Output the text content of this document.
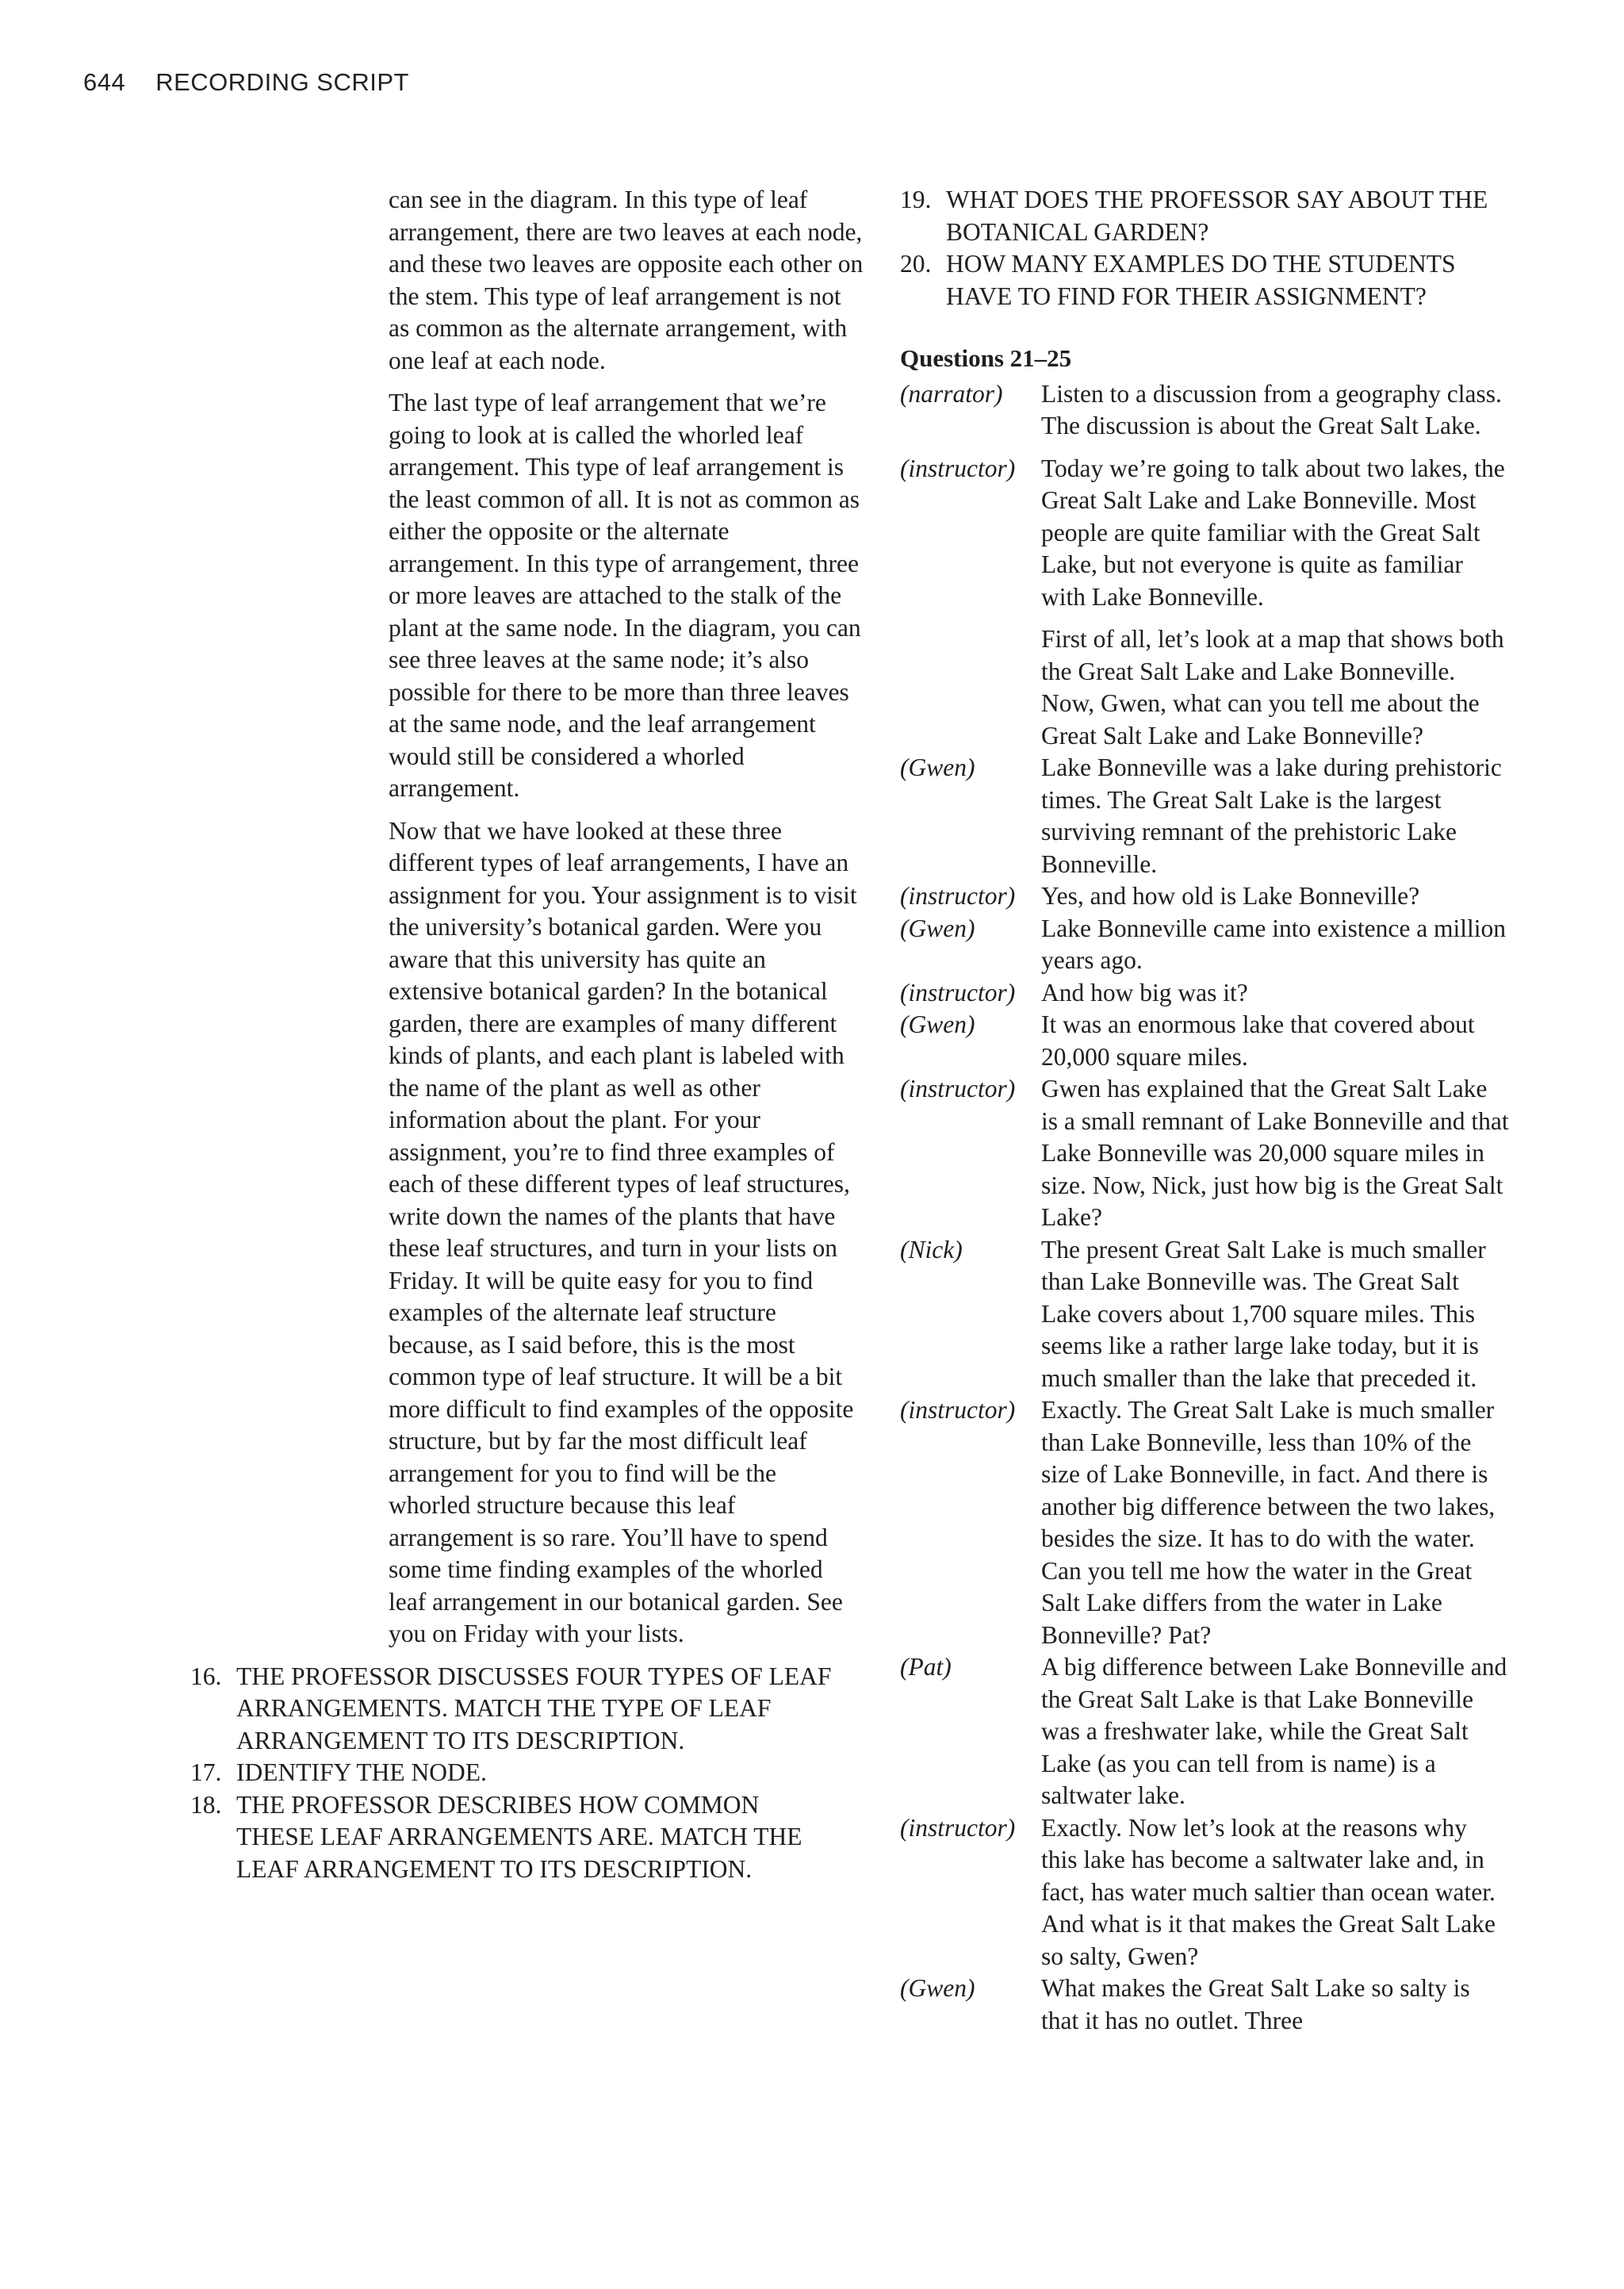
644 RECORDING SCRIPT
can see in the diagram. In this type of leaf arrangement, there are two leaves at each node, and these two leaves are opposite each other on the stem. This type of leaf arrangement is not as common as the alternate arrangement, with one leaf at each node.
The last type of leaf arrangement that we’re going to look at is called the whorled leaf arrangement. This type of leaf arrangement is the least common of all. It is not as common as either the opposite or the alternate arrangement. In this type of arrangement, three or more leaves are attached to the stalk of the plant at the same node. In the diagram, you can see three leaves at the same node; it’s also possible for there to be more than three leaves at the same node, and the leaf arrangement would still be considered a whorled arrangement.
Now that we have looked at these three different types of leaf arrangements, I have an assignment for you. Your assignment is to visit the university’s botanical garden. Were you aware that this university has quite an extensive botanical garden? In the botanical garden, there are examples of many different kinds of plants, and each plant is labeled with the name of the plant as well as other information about the plant. For your assignment, you’re to find three examples of each of these different types of leaf structures, write down the names of the plants that have these leaf structures, and turn in your lists on Friday. It will be quite easy for you to find examples of the alternate leaf structure because, as I said before, this is the most common type of leaf structure. It will be a bit more difficult to find examples of the opposite structure, but by far the most difficult leaf arrangement for you to find will be the whorled structure because this leaf arrangement is so rare. You’ll have to spend some time finding examples of the whorled leaf arrangement in our botanical garden. See you on Friday with your lists.
16. THE PROFESSOR DISCUSSES FOUR TYPES OF LEAF ARRANGEMENTS. MATCH THE TYPE OF LEAF ARRANGEMENT TO ITS DESCRIPTION.
17. IDENTIFY THE NODE.
18. THE PROFESSOR DESCRIBES HOW COMMON THESE LEAF ARRANGEMENTS ARE. MATCH THE LEAF ARRANGEMENT TO ITS DESCRIPTION.
19. WHAT DOES THE PROFESSOR SAY ABOUT THE BOTANICAL GARDEN?
20. HOW MANY EXAMPLES DO THE STUDENTS HAVE TO FIND FOR THEIR ASSIGNMENT?
Questions 21–25
(narrator)	Listen to a discussion from a geography class. The discussion is about the Great Salt Lake.
(instructor)	Today we’re going to talk about two lakes, the Great Salt Lake and Lake Bonneville. Most people are quite familiar with the Great Salt Lake, but not everyone is quite as familiar with Lake Bonneville.
First of all, let’s look at a map that shows both the Great Salt Lake and Lake Bonneville. Now, Gwen, what can you tell me about the Great Salt Lake and Lake Bonneville?
(Gwen)	Lake Bonneville was a lake during prehistoric times. The Great Salt Lake is the largest surviving remnant of the prehistoric Lake Bonneville.
(instructor)	Yes, and how old is Lake Bonneville?
(Gwen)	Lake Bonneville came into existence a million years ago.
(instructor)	And how big was it?
(Gwen)	It was an enormous lake that covered about 20,000 square miles.
(instructor)	Gwen has explained that the Great Salt Lake is a small remnant of Lake Bonneville and that Lake Bonneville was 20,000 square miles in size. Now, Nick, just how big is the Great Salt Lake?
(Nick)	The present Great Salt Lake is much smaller than Lake Bonneville was. The Great Salt Lake covers about 1,700 square miles. This seems like a rather large lake today, but it is much smaller than the lake that preceded it.
(instructor)	Exactly. The Great Salt Lake is much smaller than Lake Bonneville, less than 10% of the size of Lake Bonneville, in fact. And there is another big difference between the two lakes, besides the size. It has to do with the water. Can you tell me how the water in the Great Salt Lake differs from the water in Lake Bonneville? Pat?
(Pat)	A big difference between Lake Bonneville and the Great Salt Lake is that Lake Bonneville was a freshwater lake, while the Great Salt Lake (as you can tell from is name) is a saltwater lake.
(instructor)	Exactly. Now let’s look at the reasons why this lake has become a saltwater lake and, in fact, has water much saltier than ocean water. And what is it that makes the Great Salt Lake so salty, Gwen?
(Gwen)	What makes the Great Salt Lake so salty is that it has no outlet. Three
